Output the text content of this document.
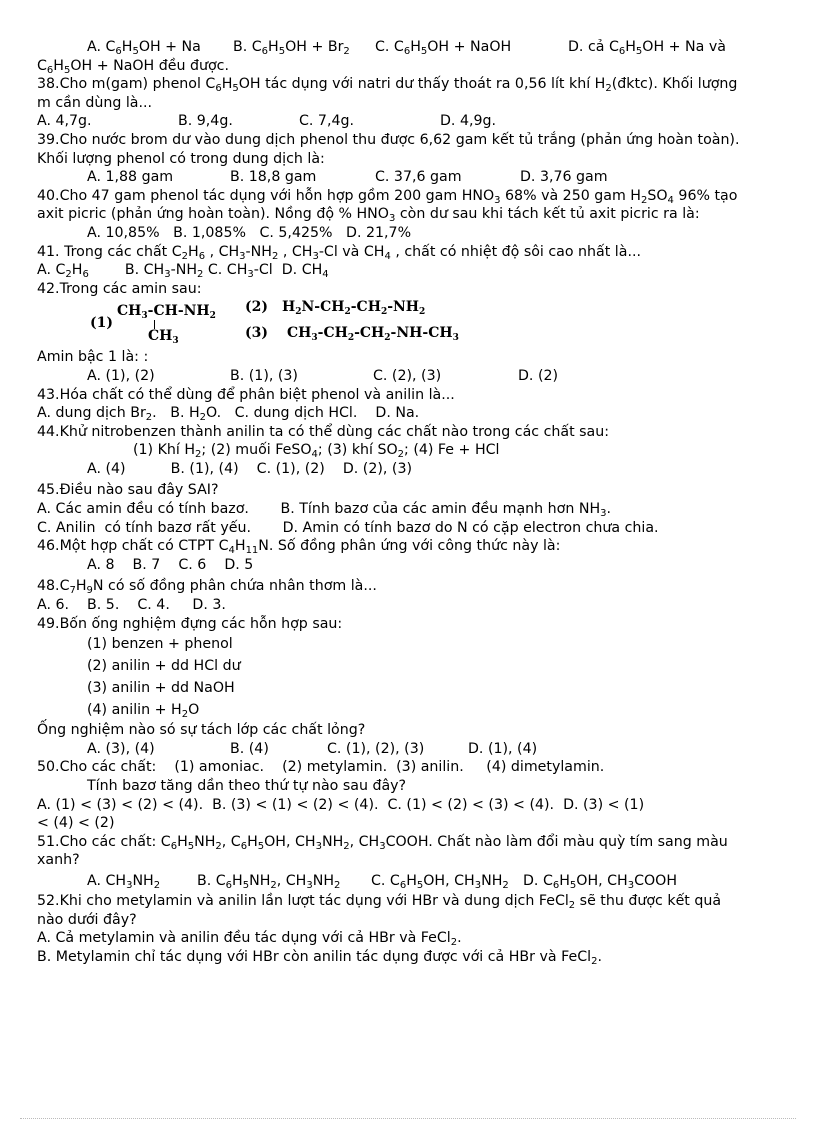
A. $C_6H_5OH + Na$ B. $C_6H_5OH + Br_2$ C. $C_6H_5OH$ + NaOH	D. cả $C_6H_5OH + Na$ và
$C_6H_5OH$ + NaOH đều được.
38.Cho m(gam) phenol $C_6H_5OH$ tác dụng với natri dư thấy thoát ra 0,56 lít khí $H_2(đktc)$. Khối lượng
m cần dùng là...
A. 4,7g.	B. 9,4g.	C. 7,4g.	D. 4,9g.
39.Cho nước brom dư vào dung dịch phenol thu được 6,62 gam kết tủ trắng (phản ứng hoàn toàn).
Khối lượng phenol có trong dung dịch là:
A. 1,88 gam	B. 18,8 gam	C. 37,6 gam	D. 3,76 gam
40.Cho 47 gam phenol tác dụng với hỗn hợp gồm 200 gam $HNO_3$ 68% và 250 gam $H_2SO_4$ 96% tạo
axit picric (phản ứng hoàn toàn). Nồng độ % $HNO_3$ còn dư sau khi tách kết tủ axit picric ra là:
A. 10,85%   B. 1,085%   C. 5,425%   D. 21,7%
41. Trong các chất $C_2H_6$ , $CH_3-NH_2$ , $CH_3-Cl$ và $CH_4$ , chất có nhiệt độ sôi cao nhất là...
A. $C_2H_6$        B. $CH_3-NH_2$ C. $CH_3-Cl$  D. $CH_4$
42.Trong các amin sau:
(1)
$CH_3-CH-NH_2$
$CH_3$
(2) $H_2N-CH_2-CH_2-NH_2$
(3) $CH_3-CH_2-CH_2-NH-CH_3$
Amin bậc 1 là: :
A. (1), (2)	B. (1), (3)	C. (2), (3)	D. (2)
43.Hóa chất có thể dùng để phân biệt phenol và anilin là...
A. dung dịch $Br_2$.   B. $H_2O$.   C. dung dịch HCl.    D. Na.
44.Khử nitrobenzen thành anilin ta có thể dùng các chất nào trong các chất sau:
(1) Khí $H_2$; (2) muối FeSO$_4$; (3) khí $SO_2$; (4) Fe + HCl
A. (4)          B. (1), (4)    C. (1), (2)    D. (2), (3)
45.Điều nào sau đây SAI?
A. Các amin đều có tính bazơ.       B. Tính bazơ của các amin đều mạnh hơn $NH_3$.
C. Anilin  có tính bazơ rất yếu.       D. Amin có tính bazơ do N có cặp electron chưa chia.
46.Một hợp chất có CTPT $C_4H_{11}N$. Số đồng phân ứng với công thức này là:
A. 8    B. 7    C. 6    D. 5
$48.C_7H_9N$ có số đồng phân chứa nhân thơm là...
A. 6.    B. 5.    C. 4.     D. 3.
49.Bốn ống nghiệm đựng các hỗn hợp sau:
(1) benzen + phenol
(2) anilin + dd HCl dư
(3) anilin + dd NaOH
(4) anilin + $H_2O$
Ống nghiệm nào só sự tách lớp các chất lỏng?
A. (3), (4)	B. (4)	C. (1), (2), (3)	D. (1), (4)
50.Cho các chất:    (1) amoniac.    (2) metylamin.  (3) anilin.     (4) dimetylamin.
Tính bazơ tăng dần theo thứ tự nào sau đây?
A. (1) < (3) < (2) < (4).  B. (3) < (1) < (2) < (4).  C. (1) < (2) < (3) < (4).  D. (3) < (1)
< (4) < (2)
51.Cho các chất: $C_6H_5NH_2$, $C_6H_5OH$, $CH_3NH_2$, $CH_3COOH$. Chất nào làm đổi màu quỳ tím sang màu
xanh?
A. $CH_3NH_2$	B. $C_6H_5NH_2$, $CH_3NH_2$ C. $C_6H_5OH$, $CH_3NH_2$ D. $C_6H_5OH$, $CH_3COOH$
52.Khi cho metylamin và anilin lần lượt tác dụng với HBr và dung dịch FeCl$_2$ sẽ thu được kết quả
nào dưới đây?
A. Cả metylamin và anilin đều tác dụng với cả HBr và FeCl$_2$.
B. Metylamin chỉ tác dụng với HBr còn anilin tác dụng được với cả HBr và FeCl$_2$.
